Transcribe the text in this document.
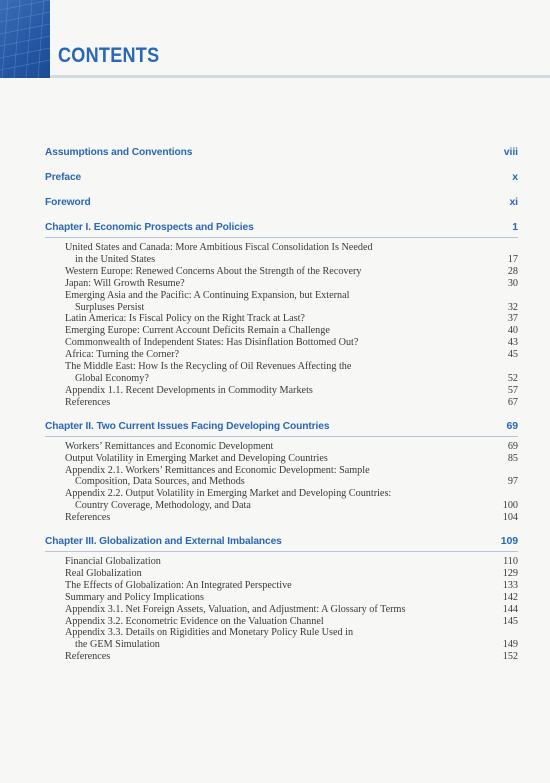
CONTENTS
Assumptions and Conventions	viii
Preface	x
Foreword	xi
Chapter I. Economic Prospects and Policies	1
United States and Canada: More Ambitious Fiscal Consolidation Is Needed
in the United States	17
Western Europe: Renewed Concerns About the Strength of the Recovery	28
Japan: Will Growth Resume?	30
Emerging Asia and the Pacific: A Continuing Expansion, but External
Surpluses Persist	32
Latin America: Is Fiscal Policy on the Right Track at Last?	37
Emerging Europe: Current Account Deficits Remain a Challenge	40
Commonwealth of Independent States: Has Disinflation Bottomed Out?	43
Africa: Turning the Corner?	45
The Middle East: How Is the Recycling of Oil Revenues Affecting the
Global Economy?	52
Appendix 1.1. Recent Developments in Commodity Markets	57
References	67
Chapter II. Two Current Issues Facing Developing Countries	69
Workers’ Remittances and Economic Development	69
Output Volatility in Emerging Market and Developing Countries	85
Appendix 2.1. Workers’ Remittances and Economic Development: Sample
Composition, Data Sources, and Methods	97
Appendix 2.2. Output Volatility in Emerging Market and Developing Countries:
Country Coverage, Methodology, and Data	100
References	104
Chapter III. Globalization and External Imbalances	109
Financial Globalization	110
Real Globalization	129
The Effects of Globalization: An Integrated Perspective	133
Summary and Policy Implications	142
Appendix 3.1. Net Foreign Assets, Valuation, and Adjustment: A Glossary of Terms	144
Appendix 3.2. Econometric Evidence on the Valuation Channel	145
Appendix 3.3. Details on Rigidities and Monetary Policy Rule Used in
the GEM Simulation	149
References	152
